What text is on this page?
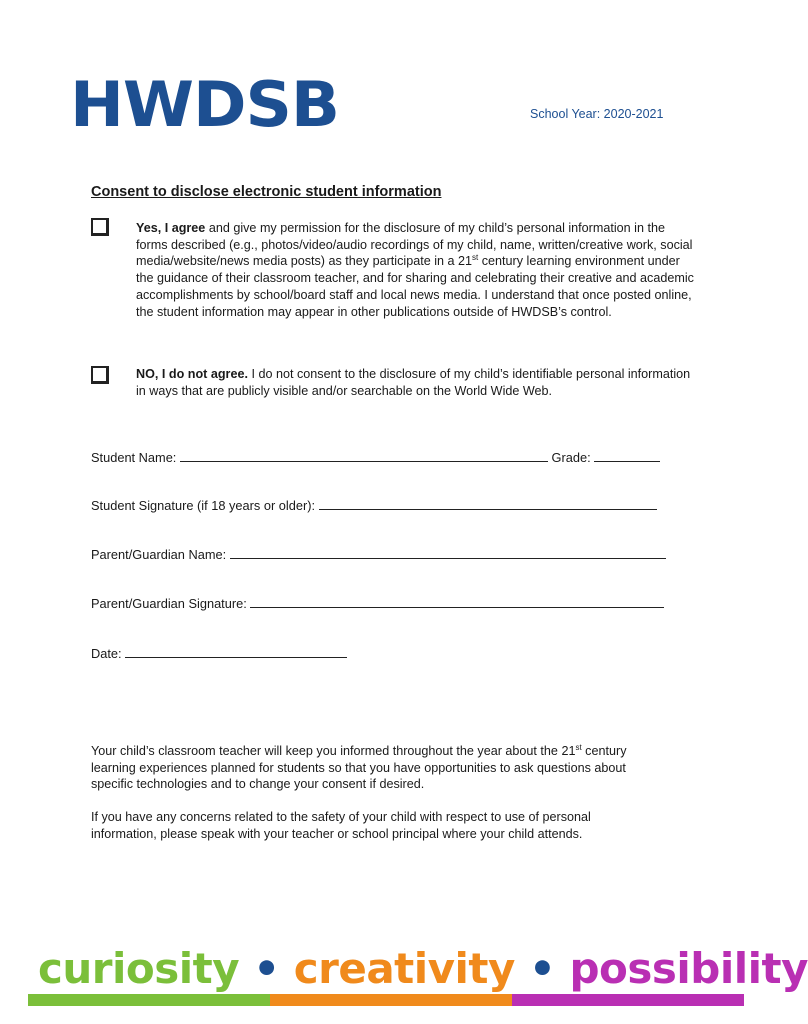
HWDSB	School Year: 2020-2021
Consent to disclose electronic student information
Yes, I agree and give my permission for the disclosure of my child’s personal information in the forms described (e.g., photos/video/audio recordings of my child, name, written/creative work, social media/website/news media posts) as they participate in a 21st century learning environment under the guidance of their classroom teacher, and for sharing and celebrating their creative and academic accomplishments by school/board staff and local news media. I understand that once posted online, the student information may appear in other publications outside of HWDSB’s control.
NO, I do not agree. I do not consent to the disclosure of my child’s identifiable personal information in ways that are publicly visible and/or searchable on the World Wide Web.
Student Name:	Grade:
Student Signature (if 18 years or older):
Parent/Guardian Name:
Parent/Guardian Signature:
Date:
Your child’s classroom teacher will keep you informed throughout the year about the 21st century learning experiences planned for students so that you have opportunities to ask questions about specific technologies and to change your consent if desired.
If you have any concerns related to the safety of your child with respect to use of personal information, please speak with your teacher or school principal where your child attends.
curiosity • creativity • possibility
